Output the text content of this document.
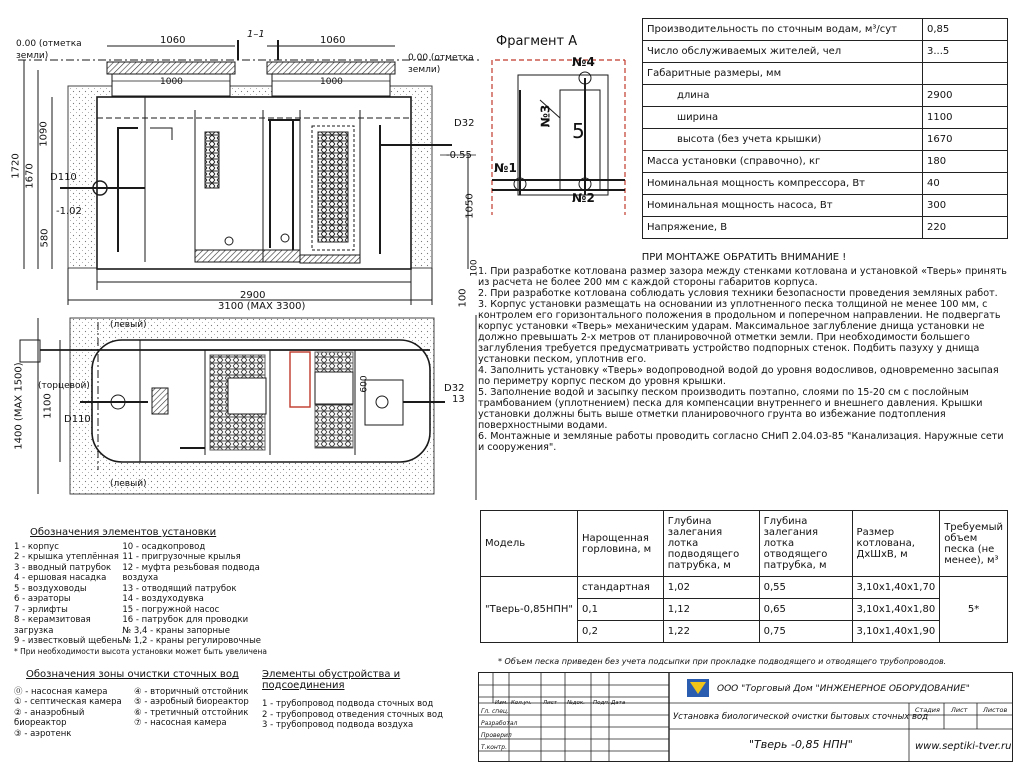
1–1
1060	1060
1000	1000
0.00 (отметка земли)	0.00 (отметка земли)
1720 1670
1090
580
1050
100
100
-0.55
-1.02
D110
D32
2900
3100 (MAX 3300)
1400 (MAX 1500) 1100
D110
D32
13
600
(левый)
(левый)
(торцевой)
Фрагмент А
№4
№3
№1
№2
5
Производительность по сточным водам, м³/сут	0,85
Число обслуживаемых жителей, чел	3...5
Габаритные размеры, мм	
длина	2900
ширина	1100
высота (без учета крышки)	1670
Масса установки (справочно), кг	180
Номинальная мощность компрессора, Вт	40
Номинальная мощность насоса, Вт	300
Напряжение, В	220
ПРИ МОНТАЖЕ ОБРАТИТЬ ВНИМАНИЕ !

1. При разработке котлована размер зазора между стенками котлована и установкой «Тверь» принять из расчета не более 200 мм с каждой стороны габаритов корпуса.

2. При разработке котлована соблюдать условия техники безопасности проведения земляных работ.

3. Корпус установки размещать на основании из уплотненного песка толщиной не менее 100 мм, с контролем его горизонтального положения в продольном и поперечном направлении. Не подвергать корпус установки «Тверь» механическим ударам. Максимальное заглубление днища установки не должно превышать 2-х метров от планировочной отметки земли. При необходимости большего заглубления требуется предусматривать устройство подпорных стенок. Подбить пазуху у днища установки песком, уплотнив его.

4. Заполнить установку «Тверь» водопроводной водой до уровня водосливов, одновременно засыпая по периметру корпус песком до уровня крышки.

5. Заполнение водой и засыпку песком производить поэтапно, слоями по 15-20 см с послойным трамбованием (уплотнением) песка для компенсации внутреннего и внешнего давления. Крышки установки должны быть выше отметки планировочного грунта во избежание подтопления поверхностными водами.

6. Монтажные и земляные работы проводить согласно СНиП 2.04.03-85 "Канализация. Наружные сети и сооружения".

Модель	Нарощенная горловина, м	Глубина залегания лотка подводящего патрубка, м	Глубина залегания лотка отводящего патрубка, м	Размер котлована, ДхШхВ, м	Требуемый объем песка (не менее), м³
"Тверь-0,85НПН"	стандартная	1,02	0,55	3,10х1,40х1,70	5*
	0,1	1,12	0,65	3,10х1,40х1,80	
	0,2	1,22	0,75	3,10х1,40х1,90	
* Объем песка приведен без учета подсыпки при прокладке подводящего и отводящего трубопроводов.
Обозначения элементов установки
1 - корпус
2 - крышка утеплённая
3 - вводный патрубок
4 - ершовая насадка
5 - воздуховоды
6 - аэраторы
7 - эрлифты
8 - керамзитовая загрузка
9 - известковый щебень
10 - осадкопровод
11 - пригрузочные крылья
12 - муфта резьбовая подвода воздуха
13 - отводящий патрубок
14 - воздуходувка
15 - погружной насос
16 - патрубок для проводки
№ 3,4 - краны запорные
№ 1,2 - краны регулировочные
* При необходимости высота установки может быть увеличена
Обозначения зоны очистки сточных вод
⓪ - насосная камера
① - септическая камера
② - анаэробный биореактор
③ - аэротенк
④ - вторичный отстойник
⑤ - аэробный биореактор
⑥ - третичный отстойник
⑦ - насосная камера
Элементы обустройства и подсоединения
1 - трубопровод подвода сточных вод
2 - трубопровод отведения сточных вод
3 - трубопровод подвода воздуха
Изм. Кол.уч. Лист №док. Подп. Дата
Гл. спец.
Разработал
Проверил
Т.контр.
ООО "Торговый Дом "ИНЖЕНЕРНОЕ ОБОРУДОВАНИЕ"
Установка биологической очистки бытовых сточных вод
"Тверь -0,85 НПН"
Стадия Лист Листов
www.septiki-tver.ru
